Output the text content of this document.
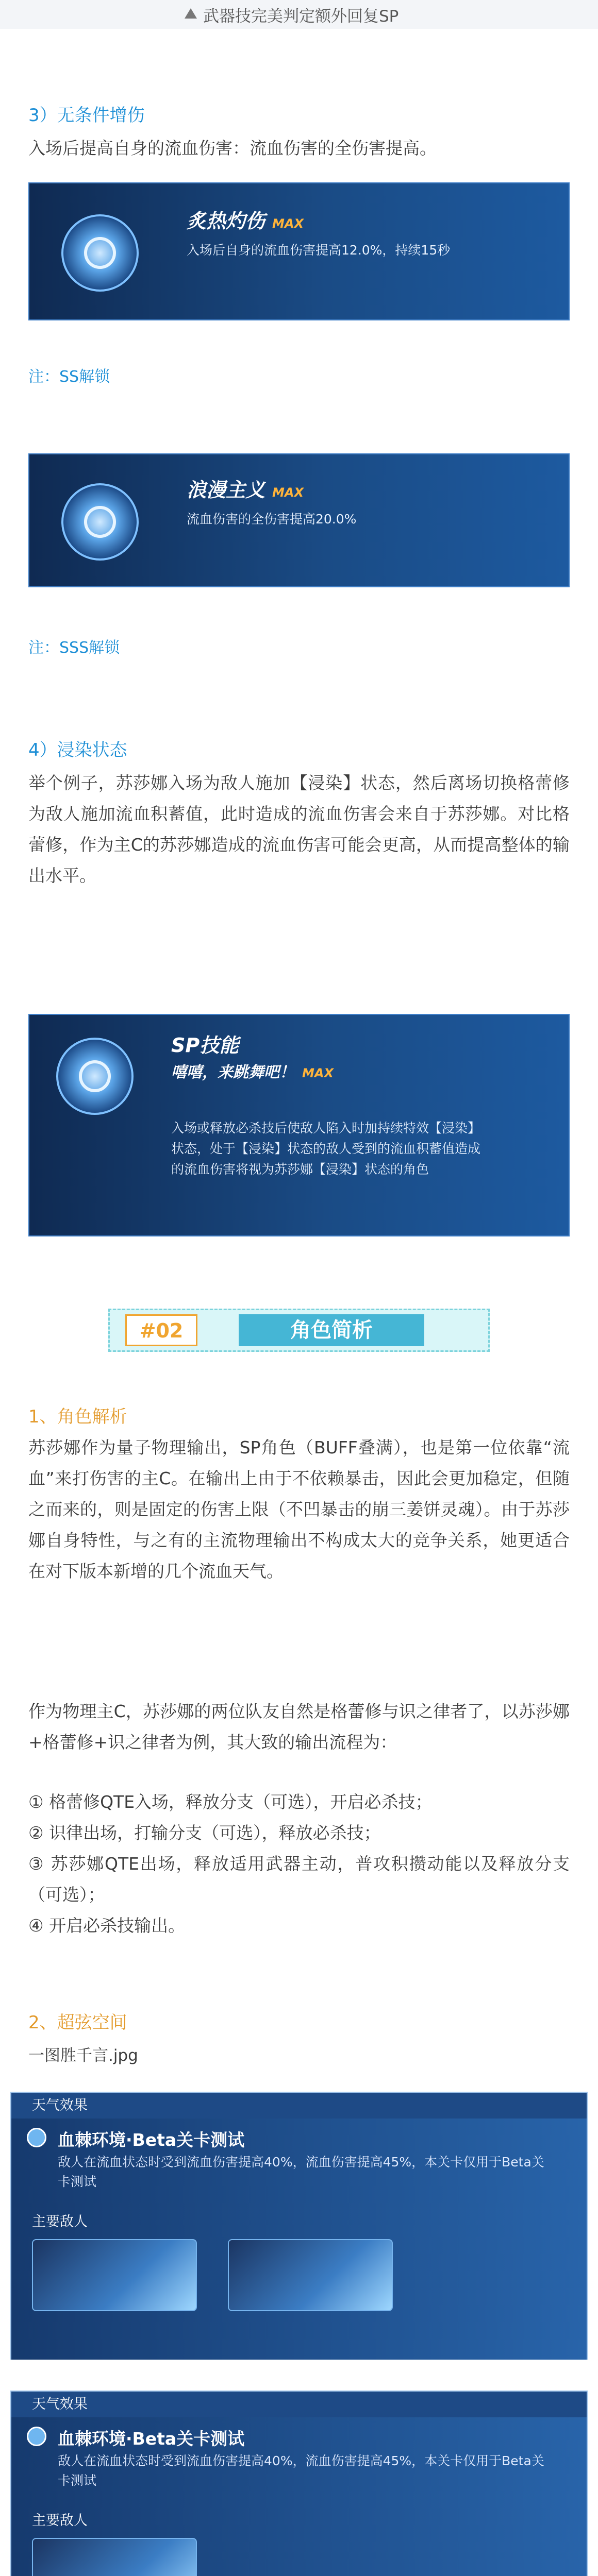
武器技完美判定额外回复SP
3）无条件增伤
入场后提高自身的流血伤害：流血伤害的全伤害提高。
炙热灼伤 MAX
入场后自身的流血伤害提高12.0%，持续15秒
注：SS解锁
浪漫主义 MAX
流血伤害的全伤害提高20.0%
注：SSS解锁
4）浸染状态
举个例子，苏莎娜入场为敌人施加【浸染】状态，然后离场切换格蕾修为敌人施加流血积蓄值，此时造成的流血伤害会来自于苏莎娜。对比格蕾修，作为主C的苏莎娜造成的流血伤害可能会更高，从而提高整体的输出水平。
SP技能
嘻嘻，来跳舞吧！ MAX
入场或释放必杀技后使敌人陷入时加持续特效【浸染】状态，处于【浸染】状态的敌人受到的流血积蓄值造成的流血伤害将视为苏莎娜【浸染】状态的角色
#02	角色简析
1、角色解析
苏莎娜作为量子物理输出，SP角色（BUFF叠满），也是第一位依靠“流血”来打伤害的主C。在输出上由于不依赖暴击，因此会更加稳定，但随之而来的，则是固定的伤害上限（不凹暴击的崩三姜饼灵魂）。由于苏莎娜自身特性，与之有的主流物理输出不构成太大的竞争关系，她更适合在对下版本新增的几个流血天气。
作为物理主C，苏莎娜的两位队友自然是格蕾修与识之律者了，以苏莎娜+格蕾修+识之律者为例，其大致的输出流程为：
① 格蕾修QTE入场，释放分支（可选），开启必杀技；
② 识律出场，打输分支（可选），释放必杀技；
③ 苏莎娜QTE出场，释放适用武器主动，普攻积攒动能以及释放分支（可选）；
④ 开启必杀技输出。
2、超弦空间
一图胜千言.jpg
天气效果
血棘环境·Beta关卡测试
敌人在流血状态时受到流血伤害提高40%，流血伤害提高45%，本关卡仅用于Beta关卡测试
主要敌人
天气效果
血棘环境·Beta关卡测试
敌人在流血状态时受到流血伤害提高40%，流血伤害提高45%，本关卡仅用于Beta关卡测试
主要敌人
